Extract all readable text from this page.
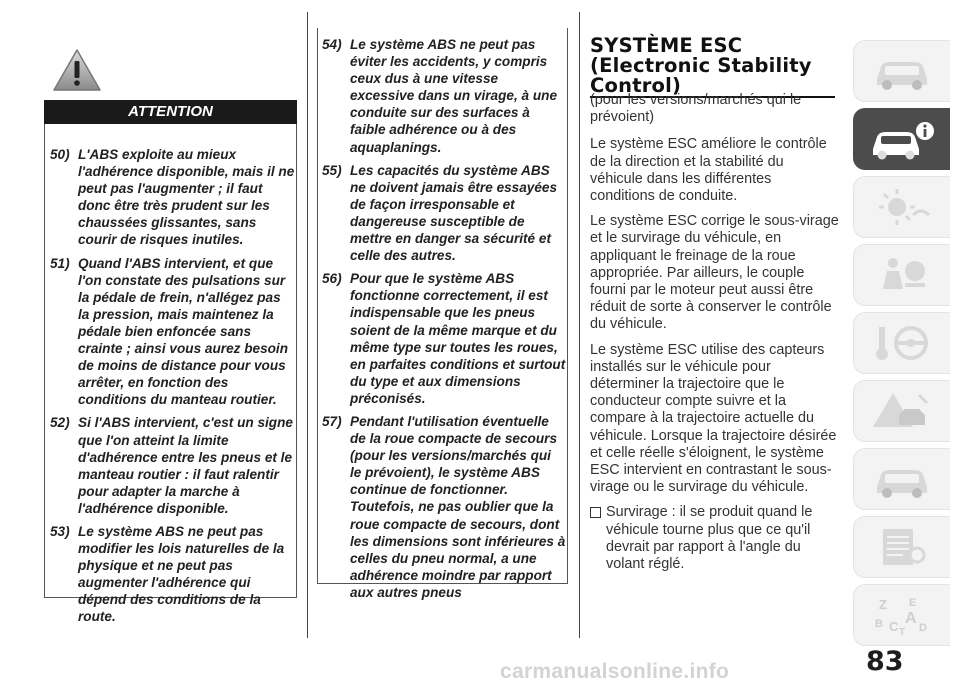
ATTENTION
50) L'ABS exploite au mieux l'adhérence disponible, mais il ne peut pas l'augmenter ; il faut donc être très prudent sur les chaussées glissantes, sans courir de risques inutiles.
51) Quand l'ABS intervient, et que l'on constate des pulsations sur la pédale de frein, n'allégez pas la pression, mais maintenez la pédale bien enfoncée sans crainte ; ainsi vous aurez besoin de moins de distance pour vous arrêter, en fonction des conditions du manteau routier.
52) Si l'ABS intervient, c'est un signe que l'on atteint la limite d'adhérence entre les pneus et le manteau routier : il faut ralentir pour adapter la marche à l'adhérence disponible.
53) Le système ABS ne peut pas modifier les lois naturelles de la physique et ne peut pas augmenter l'adhérence qui dépend des conditions de la route.
54) Le système ABS ne peut pas éviter les accidents, y compris ceux dus à une vitesse excessive dans un virage, à une conduite sur des surfaces à faible adhérence ou à des aquaplanings.
55) Les capacités du système ABS ne doivent jamais être essayées de façon irresponsable et dangereuse susceptible de mettre en danger sa sécurité et celle des autres.
56) Pour que le système ABS fonctionne correctement, il est indispensable que les pneus soient de la même marque et du même type sur toutes les roues, en parfaites conditions et surtout du type et aux dimensions préconisés.
57) Pendant l'utilisation éventuelle de la roue compacte de secours (pour les versions/marchés qui le prévoient), le système ABS continue de fonctionner. Toutefois, ne pas oublier que la roue compacte de secours, dont les dimensions sont inférieures à celles du pneu normal, a une adhérence moindre par rapport aux autres pneus
SYSTÈME ESC
(Electronic Stability
Control)

(pour les versions/marchés qui le prévoient)

Le système ESC améliore le contrôle de la direction et la stabilité du véhicule dans les différentes conditions de conduite.

Le système ESC corrige le sous-virage et le survirage du véhicule, en appliquant le freinage de la roue appropriée. Par ailleurs, le couple fourni par le moteur peut aussi être réduit de sorte à conserver le contrôle du véhicule.

Le système ESC utilise des capteurs installés sur le véhicule pour déterminer la trajectoire que le conducteur compte suivre et la compare à la trajectoire actuelle du véhicule. Lorsque la trajectoire désirée et celle réelle s'éloignent, le système ESC intervient en contrastant le sous-virage ou le survirage du véhicule.

Survirage : il se produit quand le véhicule tourne plus que ce qu'il devrait par rapport à l'angle du volant réglé.

Z E
A
B C D
T
83
carmanualsonline.info
